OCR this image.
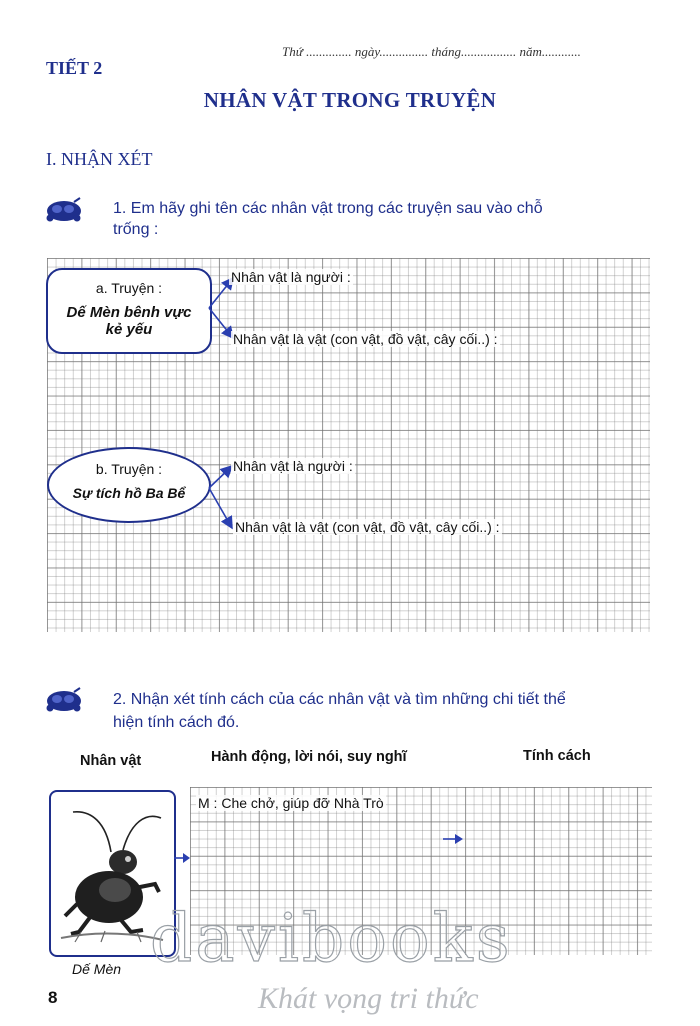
TIẾT 2
Thứ .............. ngày............... tháng................. năm............
NHÂN VẬT TRONG TRUYỆN
I. NHẬN XÉT
1. Em hãy ghi tên các nhân vật trong các truyện sau vào chỗ
trống :
a. Truyện :
Dế Mèn bênh vực
kẻ yếu
b. Truyện :
Sự tích hồ Ba Bể
Nhân vật là người :
Nhân vật là vật (con vật, đồ vật, cây cối..) :
Nhân vật là người :
Nhân vật là vật (con vật, đồ vật, cây cối..) :
2. Nhận xét tính cách của các nhân vật và tìm những chi tiết thể
hiện tính cách đó.
Nhân vật	Hành động, lời nói, suy nghĩ	Tính cách
M : Che chở, giúp đỡ Nhà Trò
Dế Mèn
8
davibooks
Khát vọng tri thức
